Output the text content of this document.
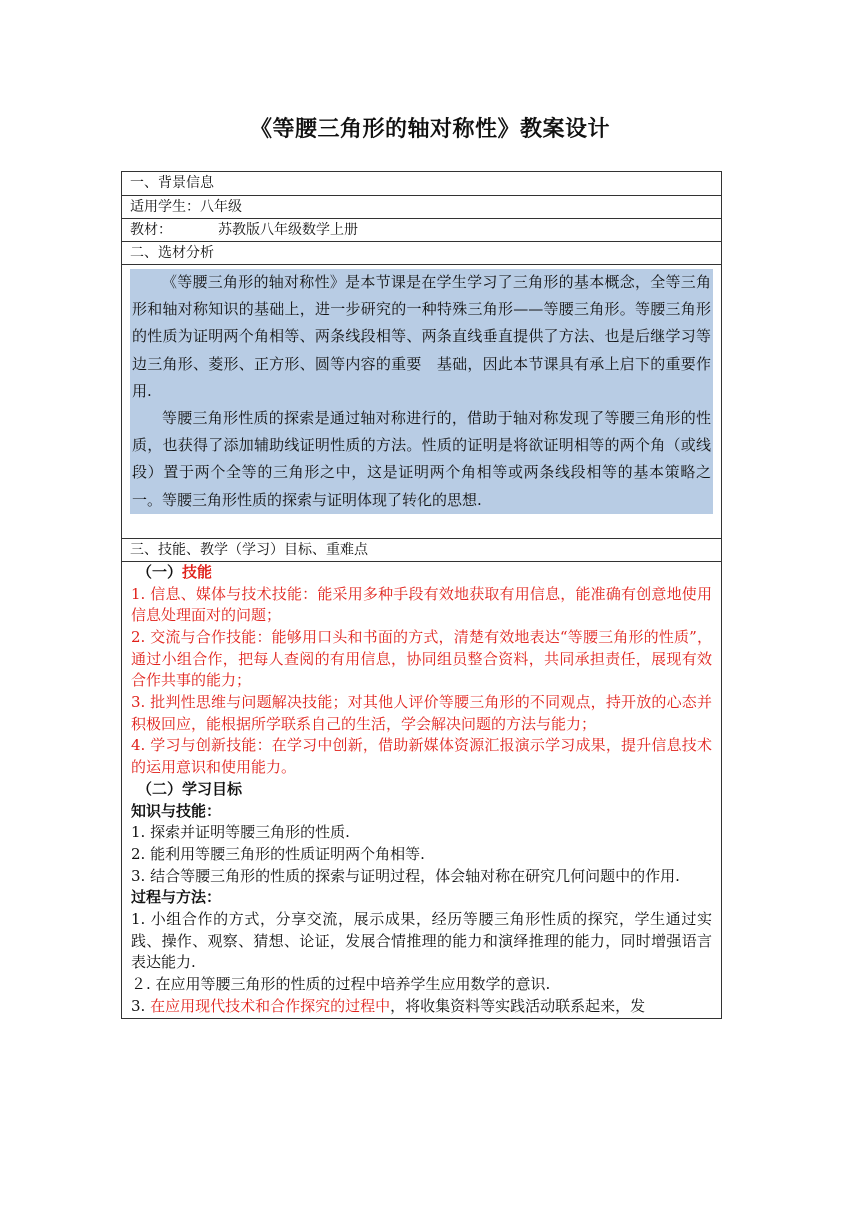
《等腰三角形的轴对称性》教案设计
一、背景信息
适用学生：八年级
教材：	苏教版八年级数学上册
二、选材分析

《等腰三角形的轴对称性》是本节课是在学生学习了三角形的基本概念，全等三角形和轴对称知识的基础上，进一步研究的一种特殊三角形——等腰三角形。等腰三角形的性质为证明两个角相等、两条线段相等、两条直线垂直提供了方法、也是后继学习等边三角形、菱形、正方形、圆等内容的重要　基础，因此本节课具有承上启下的重要作用.

等腰三角形性质的探索是通过轴对称进行的，借助于轴对称发现了等腰三角形的性质，也获得了添加辅助线证明性质的方法。性质的证明是将欲证明相等的两个角（或线段）置于两个全等的三角形之中，这是证明两个角相等或两条线段相等的基本策略之一。等腰三角形性质的探索与证明体现了转化的思想.

三、技能、教学（学习）目标、重难点

（一）技能

1. 信息、媒体与技术技能：能采用多种手段有效地获取有用信息，能准确有创意地使用信息处理面对的问题；

2. 交流与合作技能：能够用口头和书面的方式，清楚有效地表达“等腰三角形的性质”，通过小组合作，把每人查阅的有用信息，协同组员整合资料，共同承担责任，展现有效合作共事的能力；

3. 批判性思维与问题解决技能；对其他人评价等腰三角形的不同观点，持开放的心态并积极回应，能根据所学联系自己的生活，学会解决问题的方法与能力；

4. 学习与创新技能：在学习中创新，借助新媒体资源汇报演示学习成果，提升信息技术的运用意识和使用能力。

（二）学习目标

知识与技能：

1. 探索并证明等腰三角形的性质.

2. 能利用等腰三角形的性质证明两个角相等.

3. 结合等腰三角形的性质的探索与证明过程，体会轴对称在研究几何问题中的作用.

过程与方法：

1. 小组合作的方式，分享交流，展示成果，经历等腰三角形性质的探究，学生通过实践、操作、观察、猜想、论证，发展合情推理的能力和演绎推理的能力，同时增强语言表达能力.

２. 在应用等腰三角形的性质的过程中培养学生应用数学的意识.

3. 在应用现代技术和合作探究的过程中，将收集资料等实践活动联系起来，发
